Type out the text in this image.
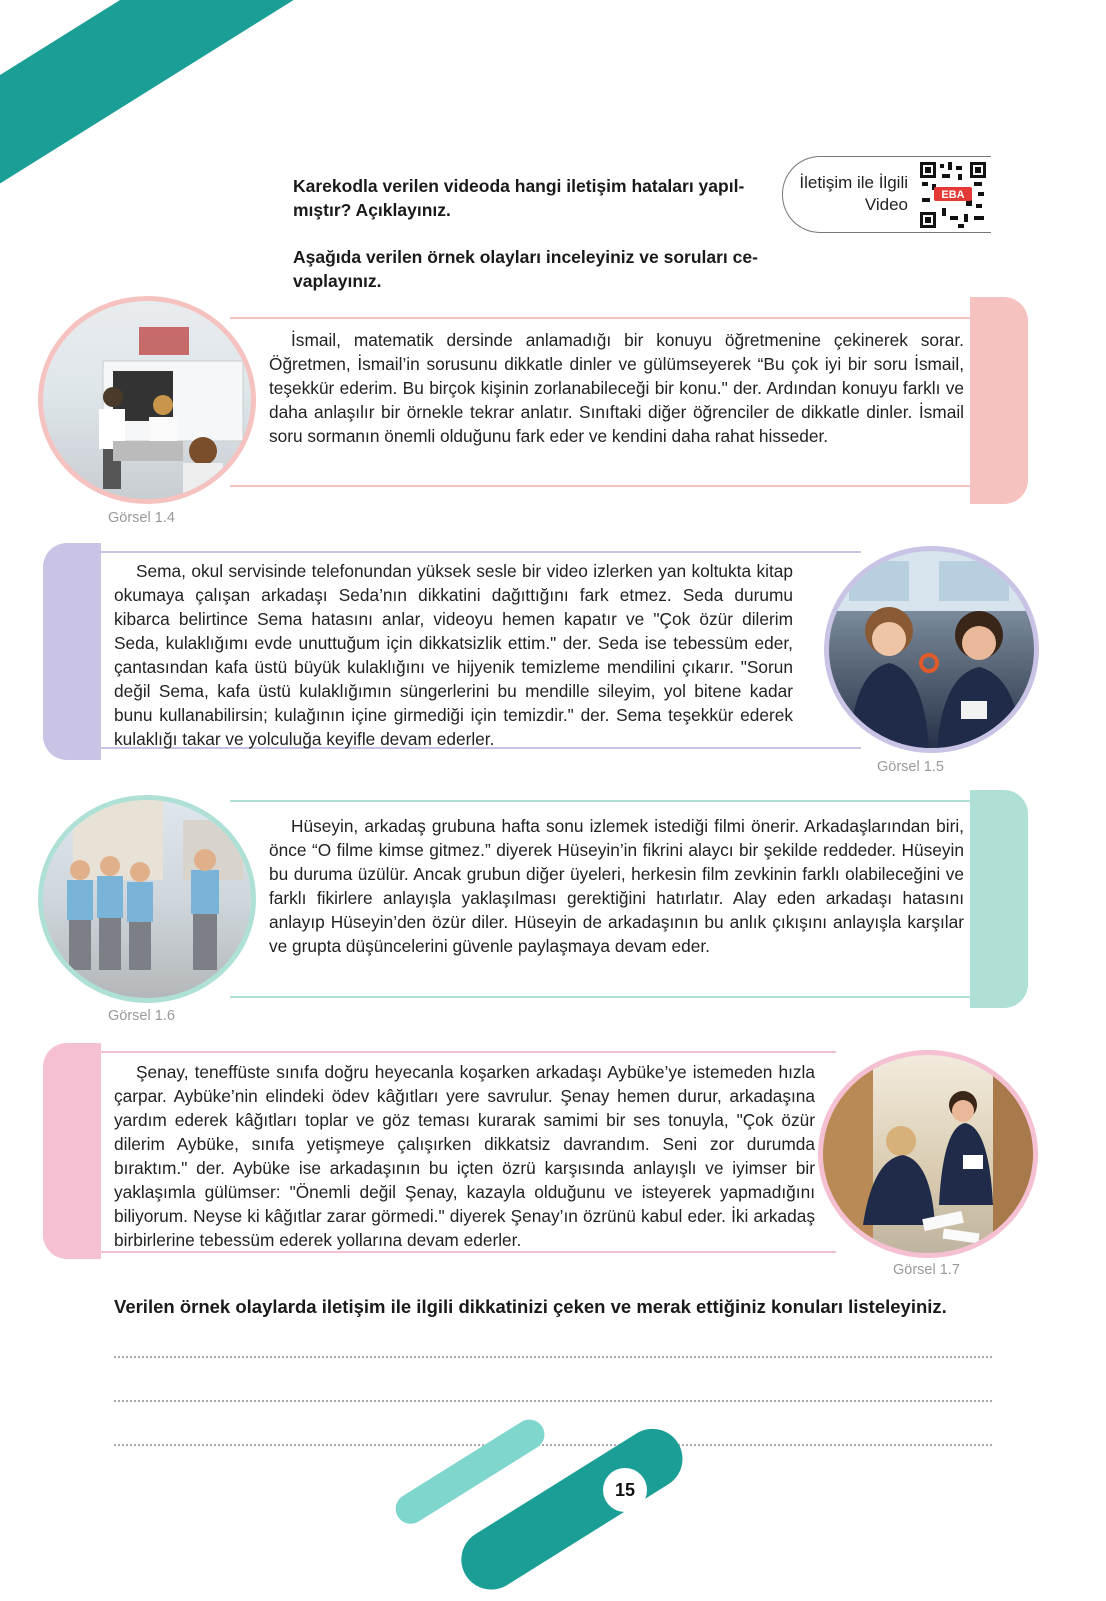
ÖĞRENELİM
Karekodla verilen videoda hangi iletişim hataları yapıl-mıştır? Açıklayınız.
Aşağıda verilen örnek olayları inceleyiniz ve soruları ce-vaplayınız.
İletişim ile İlgili
Video	EBA
Görsel 1.4
İsmail, matematik dersinde anlamadığı bir konuyu öğretmenine çekinerek sorar. Öğretmen, İsmail’in sorusunu dikkatle dinler ve gülümseyerek “Bu çok iyi bir soru İsmail, teşekkür ederim. Bu birçok kişinin zorlanabileceği bir konu." der. Ardından konuyu farklı ve daha anlaşılır bir örnekle tekrar anlatır. Sınıftaki diğer öğrenciler de dikkatle dinler. İsmail soru sormanın önemli olduğunu fark eder ve kendini daha rahat hisseder.
Görsel 1.5
Sema, okul servisinde telefonundan yüksek sesle bir video izlerken yan koltukta kitap okumaya çalışan arkadaşı Seda’nın dikkatini dağıttığını fark etmez. Seda durumu kibarca belirtince Sema hatasını anlar, videoyu hemen kapatır ve "Çok özür dilerim Seda, kulaklığımı evde unuttuğum için dikkatsizlik ettim." der. Seda ise tebessüm eder, çantasından kafa üstü büyük kulaklığını ve hijyenik temizleme mendilini çıkarır. "Sorun değil Sema, kafa üstü kulaklığımın süngerlerini bu mendille sileyim, yol bitene kadar bunu kullanabilirsin; kulağının içine girmediği için temizdir." der. Sema teşekkür ederek kulaklığı takar ve yolculuğa keyifle devam ederler.
Görsel 1.6
Hüseyin, arkadaş grubuna hafta sonu izlemek istediği filmi önerir. Arkadaşlarından biri, önce “O filme kimse gitmez.” diyerek Hüseyin’in fikrini alaycı bir şekilde reddeder. Hüseyin bu duruma üzülür. Ancak grubun diğer üyeleri, herkesin film zevkinin farklı olabileceğini ve farklı fikirlere anlayışla yaklaşılması gerektiğini hatırlatır. Alay eden arkadaşı hatasını anlayıp Hüseyin’den özür diler. Hüseyin de arkadaşının bu anlık çıkışını anlayışla karşılar ve grupta düşüncelerini güvenle paylaşmaya devam eder.
Görsel 1.7
Şenay, teneffüste sınıfa doğru heyecanla koşarken arkadaşı Aybüke’ye istemeden hızla çarpar. Aybüke’nin elindeki ödev kâğıtları yere savrulur. Şenay hemen durur, arkadaşına yardım ederek kâğıtları toplar ve göz teması kurarak samimi bir ses tonuyla, "Çok özür dilerim Aybüke, sınıfa yetişmeye çalışırken dikkatsiz davrandım. Seni zor durumda bıraktım." der. Aybüke ise arkadaşının bu içten özrü karşısında anlayışlı ve iyimser bir yaklaşımla gülümser: "Önemli değil Şenay, kazayla olduğunu ve isteyerek yapmadığını biliyorum. Neyse ki kâğıtlar zarar görmedi." diyerek Şenay’ın özrünü kabul eder. İki arkadaş birbirlerine tebessüm ederek yollarına devam ederler.
Verilen örnek olaylarda iletişim ile ilgili dikkatinizi çeken ve merak ettiğiniz konuları listeleyiniz.
15
